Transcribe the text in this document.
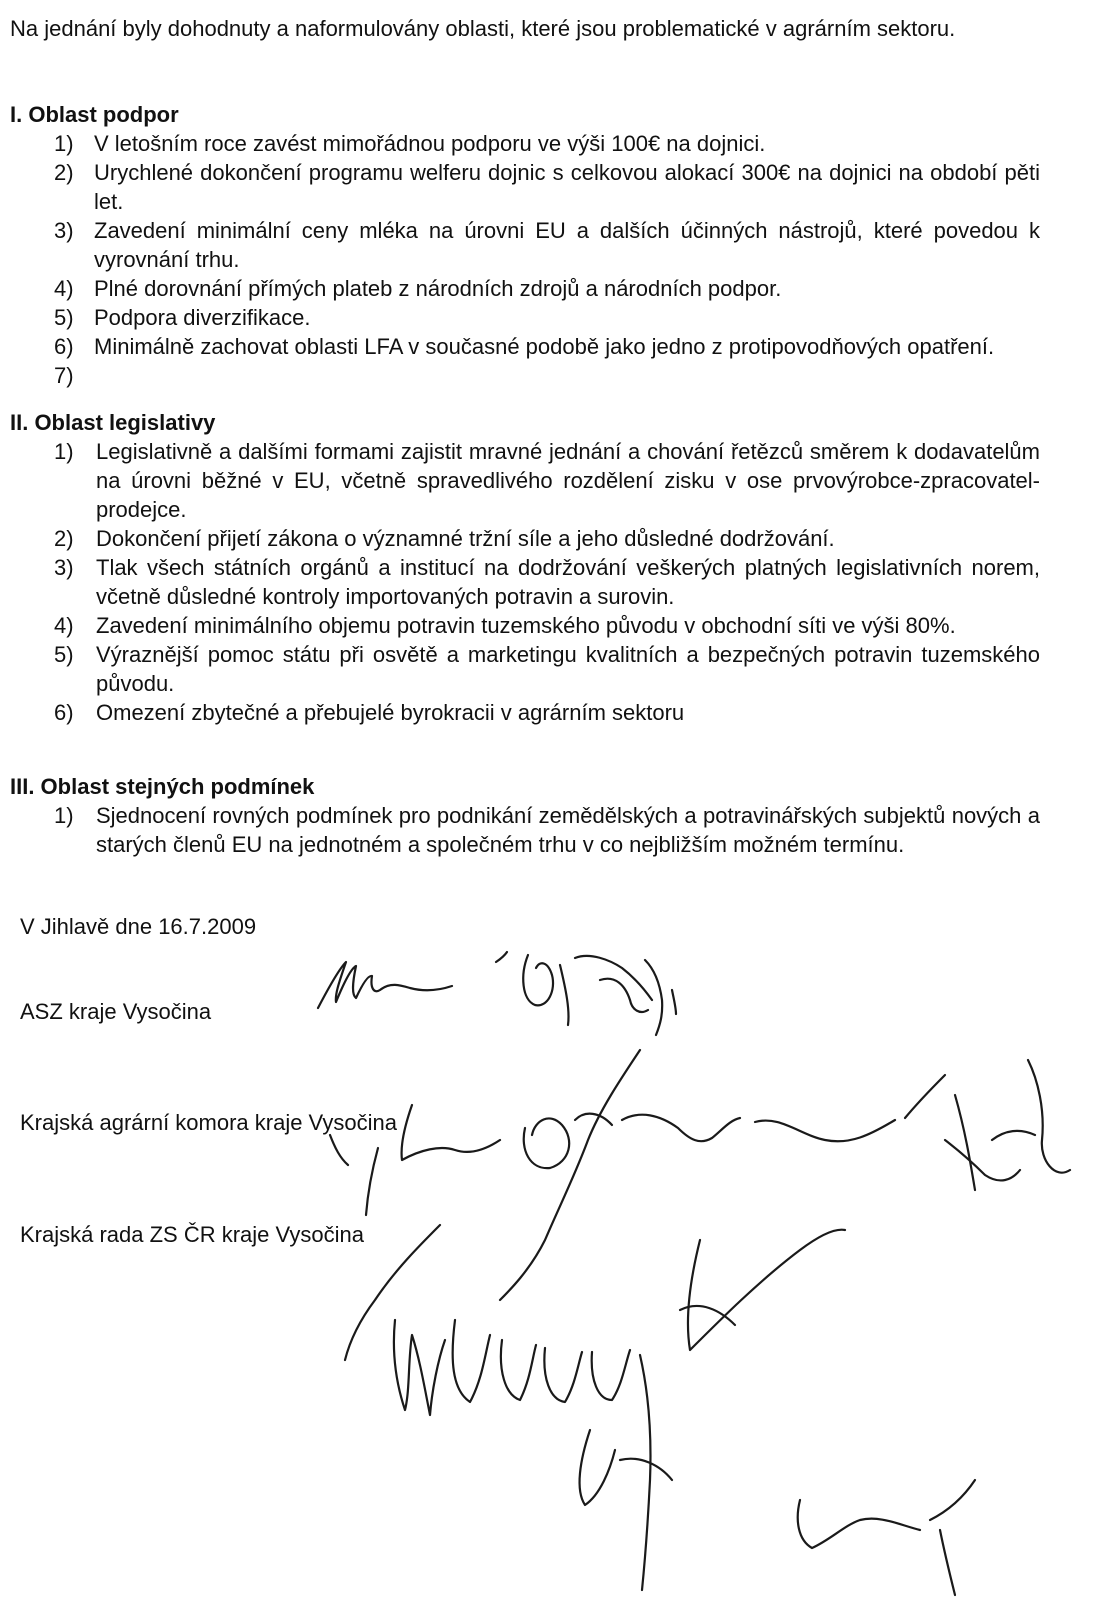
Na jednání byly dohodnuty a naformulovány oblasti, které jsou problematické v agrárním sektoru.

I. Oblast podpor
1) V letošním roce zavést mimořádnou podporu ve výši 100€ na dojnici.
2) Urychlené dokončení programu welferu dojnic s celkovou alokací 300€ na dojnici na období pěti let.
3) Zavedení minimální ceny mléka na úrovni EU a dalších účinných nástrojů, které povedou k vyrovnání trhu.
4) Plné dorovnání přímých plateb z národních zdrojů a národních podpor.
5) Podpora diverzifikace.
6) Minimálně zachovat oblasti LFA v současné podobě jako jedno z protipovodňových opatření.
7)

II. Oblast legislativy
1) Legislativně a dalšími formami zajistit mravné jednání a chování řetězců směrem k dodavatelům na úrovni běžné v EU, včetně spravedlivého rozdělení zisku v ose prvovýrobce-zpracovatel-prodejce.
2) Dokončení přijetí zákona o významné tržní síle a jeho důsledné dodržování.
3) Tlak všech státních orgánů a institucí na dodržování veškerých platných legislativních norem, včetně důsledné kontroly importovaných potravin a surovin.
4) Zavedení minimálního objemu potravin tuzemského původu v obchodní síti ve výši 80%.
5) Výraznější pomoc státu při osvětě a marketingu kvalitních a bezpečných potravin tuzemského původu.
6) Omezení zbytečné a přebujelé byrokracii v agrárním sektoru
III. Oblast stejných podmínek
1) Sjednocení rovných podmínek pro podnikání zemědělských a potravinářských subjektů nových a starých členů EU na jednotném a společném trhu v co nejbližším možném termínu.

V Jihlavě dne 16.7.2009

ASZ kraje Vysočina

Krajská agrární komora kraje Vysočina

Krajská rada ZS ČR kraje Vysočina
